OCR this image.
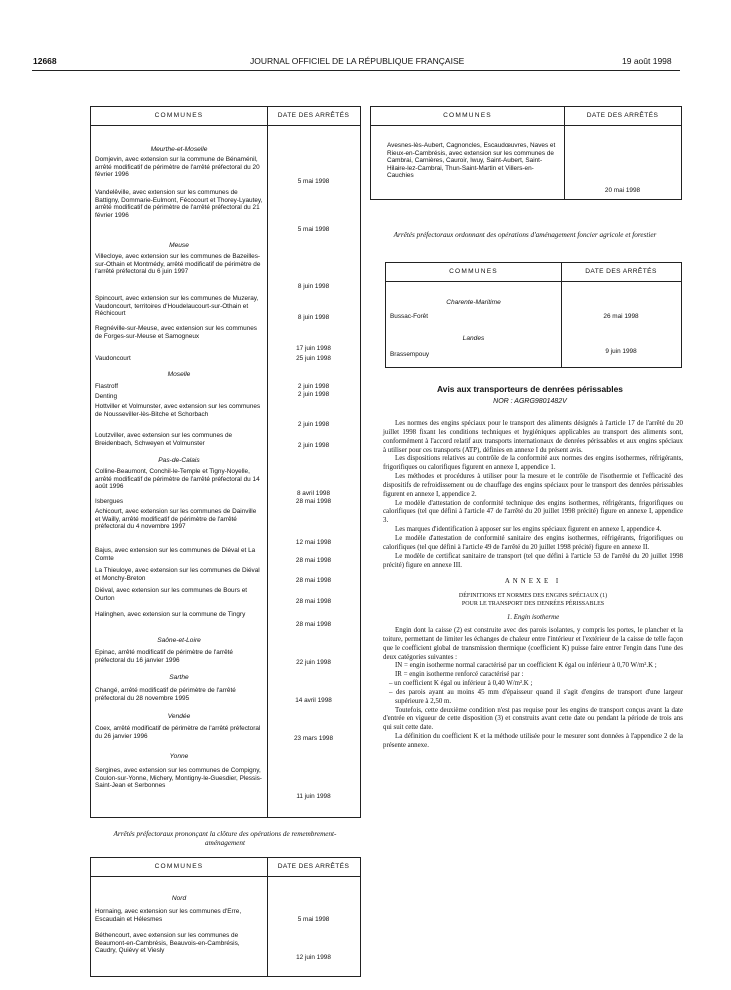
12668	JOURNAL OFFICIEL DE LA RÉPUBLIQUE FRANÇAISE	19 août 1998
COMMUNES	DATE DES ARRÊTÉS
Meurthe-et-Moselle
Domjevin, avec extension sur la commune de Bénaménil, arrêté modificatif de périmètre de l'arrêté préfectoral du 20 février 1996
5 mai 1998
Vandelêville, avec extension sur les communes de Battigny, Dommarie-Eulmont, Fécocourt et Thorey-Lyautey, arrêté modificatif de périmètre de l'arrêté préfectoral du 21 février 1996
5 mai 1998
Meuse
Villecloye, avec extension sur les communes de Bazeilles-sur-Othain et Montmédy, arrêté modificatif de périmètre de l'arrêté préfectoral du 6 juin 1997
8 juin 1998
Spincourt, avec extension sur les communes de Muzeray, Vaudoncourt, territoires d'Houdelaucourt-sur-Othain et Réchicourt
8 juin 1998
Regnéville-sur-Meuse, avec extension sur les communes de Forges-sur-Meuse et Samogneux
17 juin 1998
Vaudoncourt	25 juin 1998
Moselle
Flastroff	2 juin 1998
Denting	2 juin 1998
Hottviller et Volmunster, avec extension sur les communes de Nousseviller-lès-Bitche et Schorbach
2 juin 1998
Loutzviller, avec extension sur les communes de Breidenbach, Schweyen et Volmunster	2 juin 1998
Pas-de-Calais
Colline-Beaumont, Conchil-le-Temple et Tigny-Noyelle, arrêté modificatif de périmètre de l'arrêté préfectoral du 14 août 1996
8 avril 1998
Isbergues	28 mai 1998
Achicourt, avec extension sur les communes de Dainville et Wailly, arrêté modificatif de périmètre de l'arrêté préfectoral du 4 novembre 1997
12 mai 1998
Bajus, avec extension sur les communes de Diéval et La Comte	28 mai 1998
La Thieuloye, avec extension sur les communes de Diéval et Monchy-Breton	28 mai 1998
Diéval, avec extension sur les communes de Bours et Ourton	28 mai 1998
Halinghen, avec extension sur la commune de Tingry
28 mai 1998
Saône-et-Loire
Epinac, arrêté modificatif de périmètre de l'arrêté préfectoral du 16 janvier 1996	22 juin 1998
Sarthe
Changé, arrêté modificatif de périmètre de l'arrêté préfectoral du 28 novembre 1995	14 avril 1998
Vendée
Coex, arrêté modificatif de périmètre de l'arrêté préfectoral du 26 janvier 1996	23 mars 1998
Yonne
Sergines, avec extension sur les communes de Compigny, Coulon-sur-Yonne, Michery, Montigny-le-Guesdier, Plessis-Saint-Jean et Serbonnes
11 juin 1998
Arrêtés préfectoraux prononçant la clôture des opérations de remembrement-aménagement
COMMUNES	DATE DES ARRÊTÉS
Nord
Hornaing, avec extension sur les communes d'Erre, Escaudain et Hélesmes	5 mai 1998
Béthencourt, avec extension sur les communes de Beaumont-en-Cambrésis, Beauvois-en-Cambrésis, Caudry, Quiévy et Viesly
12 juin 1998
COMMUNES	DATE DES ARRÊTÉS
Avesnes-lès-Aubert, Cagnoncles, Escaudœuvres, Naves et Rieux-en-Cambrésis, avec extension sur les communes de Cambrai, Carnières, Cauroir, Iwuy, Saint-Aubert, Saint-Hilaire-lez-Cambrai, Thun-Saint-Martin et Villers-en-Cauchies
20 mai 1998
Arrêtés préfectoraux ordonnant des opérations d'aménagement foncier agricole et forestier
COMMUNES	DATE DES ARRÊTÉS
Charente-Maritime
Bussac-Forêt	26 mai 1998
Landes
Brassempouy	9 juin 1998
Avis aux transporteurs de denrées périssables
NOR : AGRG9801482V

Les normes des engins spéciaux pour le transport des aliments désignés à l'article 17 de l'arrêté du 20 juillet 1998 fixant les conditions techniques et hygiéniques applicables au transport des aliments sont, conformément à l'accord relatif aux transports internationaux de denrées périssables et aux engins spéciaux à utiliser pour ces transports (ATP), définies en annexe I du présent avis.

Les dispositions relatives au contrôle de la conformité aux normes des engins isothermes, réfrigérants, frigorifiques ou calorifiques figurent en annexe I, appendice 1.

Les méthodes et procédures à utiliser pour la mesure et le contrôle de l'isothermie et l'efficacité des dispositifs de refroidissement ou de chauffage des engins spéciaux pour le transport des denrées périssables figurent en annexe I, appendice 2.

Le modèle d'attestation de conformité technique des engins isothermes, réfrigérants, frigorifiques ou calorifiques (tel que défini à l'article 47 de l'arrêté du 20 juillet 1998 précité) figure en annexe I, appendice 3.

Les marques d'identification à apposer sur les engins spéciaux figurent en annexe I, appendice 4.

Le modèle d'attestation de conformité sanitaire des engins isothermes, réfrigérants, frigorifiques ou calorifiques (tel que défini à l'article 49 de l'arrêté du 20 juillet 1998 précité) figure en annexe II.

Le modèle de certificat sanitaire de transport (tel que défini à l'article 53 de l'arrêté du 20 juillet 1998 précité) figure en annexe III.

ANNEXE I

DÉFINITIONS ET NORMES DES ENGINS SPÉCIAUX (1)

POUR LE TRANSPORT DES DENRÉES PÉRISSABLES

1. Engin isotherme

Engin dont la caisse (2) est construite avec des parois isolantes, y compris les portes, le plancher et la toiture, permettant de limiter les échanges de chaleur entre l'intérieur et l'extérieur de la caisse de telle façon que le coefficient global de transmission thermique (coefficient K) puisse faire entrer l'engin dans l'une des deux catégories suivantes :

IN = engin isotherme normal caractérisé par un coefficient K égal ou inférieur à 0,70 W/m².K ;

IR = engin isotherme renforcé caractérisé par :

– un coefficient K égal ou inférieur à 0,40 W/m².K ;

– des parois ayant au moins 45 mm d'épaisseur quand il s'agit d'engins de transport d'une largeur supérieure à 2,50 m.

Toutefois, cette deuxième condition n'est pas requise pour les engins de transport conçus avant la date d'entrée en vigueur de cette disposition (3) et construits avant cette date ou pendant la période de trois ans qui suit cette date.

La définition du coefficient K et la méthode utilisée pour le mesurer sont données à l'appendice 2 de la présente annexe.
